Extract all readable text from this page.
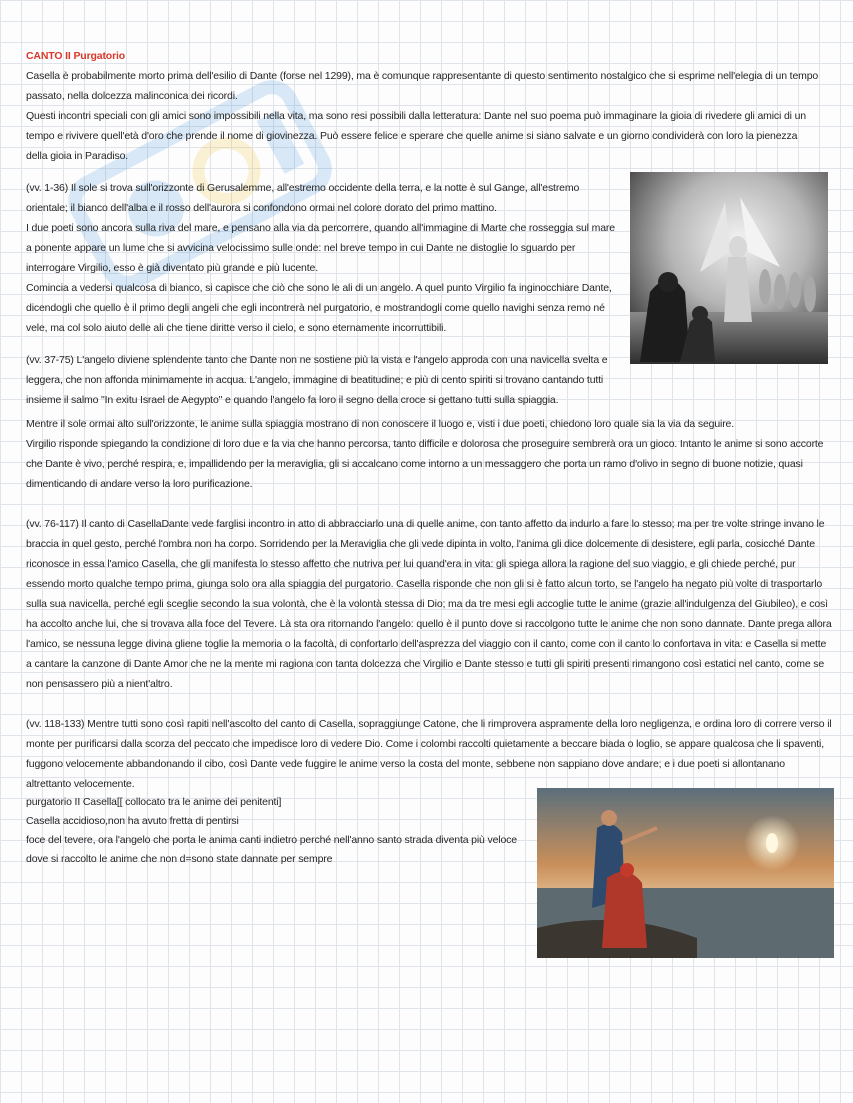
CANTO II Purgatorio

Casella è probabilmente morto prima dell'esilio di Dante (forse nel 1299), ma è comunque rappresentante di questo sentimento nostalgico che si esprime nell'elegia di un tempo passato, nella dolcezza malinconica dei ricordi.

Questi incontri speciali con gli amici sono impossibili nella vita, ma sono resi possibili dalla letteratura: Dante nel suo poema può immaginare la gioia di rivedere gli amici di un tempo e rivivere quell'età d'oro che prende il nome di giovinezza. Può essere felice e sperare che quelle anime si siano salvate e un giorno condividerà con loro la pienezza della gioia in Paradiso.

(vv. 1-36) Il sole si trova sull'orizzonte di Gerusalemme, all'estremo occidente della terra, e la notte è sul Gange, all'estremo orientale; il bianco dell'alba e il rosso dell'aurora si confondono ormai nel colore dorato del primo mattino.

I due poeti sono ancora sulla riva del mare, e pensano alla via da percorrere, quando all'immagine di Marte che rosseggia sul mare a ponente appare un lume che si avvicina velocissimo sulle onde: nel breve tempo in cui Dante ne distoglie lo sguardo per interrogare Virgilio, esso è già diventato più grande e più lucente.

Comincia a vedersi qualcosa di bianco, si capisce che ciò che sono le ali di un angelo. A quel punto Virgilio fa inginocchiare Dante, dicendogli che quello è il primo degli angeli che egli incontrerà nel purgatorio, e mostrandogli come quello navighi senza remo né vele, ma col solo aiuto delle ali che tiene diritte verso il cielo, e sono eternamente incorruttibili.

(vv. 37-75) L'angelo diviene splendente tanto che Dante non ne sostiene più la vista e l'angelo approda con una navicella svelta e leggera, che non affonda minimamente in acqua. L'angelo, immagine di beatitudine; e più di cento spiriti si trovano cantando tutti insieme il salmo "In exitu Israel de Aegypto" e quando l'angelo fa loro il segno della croce si gettano tutti sulla spiaggia.

Mentre il sole ormai alto sull'orizzonte, le anime sulla spiaggia mostrano di non conoscere il luogo e, visti i due poeti, chiedono loro quale sia la via da seguire.

Virgilio risponde spiegando la condizione di loro due e la via che hanno percorsa, tanto difficile e dolorosa che proseguire sembrerà ora un gioco. Intanto le anime si sono accorte che Dante è vivo, perché respira, e, impallidendo per la meraviglia, gli si accalcano come intorno a un messaggero che porta un ramo d'olivo in segno di buone notizie, quasi dimenticando di andare verso la loro purificazione.

(vv. 76-117) Il canto di CasellaDante vede farglisi incontro in atto di abbracciarlo una di quelle anime, con tanto affetto da indurlo a fare lo stesso; ma per tre volte stringe invano le braccia in quel gesto, perché l'ombra non ha corpo. Sorridendo per la Meraviglia che gli vede dipinta in volto, l'anima gli dice dolcemente di desistere, egli parla, cosicché Dante riconosce in essa l'amico Casella, che gli manifesta lo stesso affetto che nutriva per lui quand'era in vita: gli spiega allora la ragione del suo viaggio, e gli chiede perché, pur essendo morto qualche tempo prima, giunga solo ora alla spiaggia del purgatorio. Casella risponde che non gli si è fatto alcun torto, se l'angelo ha negato più volte di trasportarlo sulla sua navicella, perché egli sceglie secondo la sua volontà, che è la volontà stessa di Dio; ma da tre mesi egli accoglie tutte le anime (grazie all'indulgenza del Giubileo), e così ha accolto anche lui, che si trovava alla foce del Tevere. Là sta ora ritornando l'angelo: quello è il punto dove si raccolgono tutte le anime che non sono dannate. Dante prega allora l'amico, se nessuna legge divina gliene toglie la memoria o la facoltà, di confortarlo dell'asprezza del viaggio con il canto, come con il canto lo confortava in vita: e Casella si mette a cantare la canzone di Dante Amor che ne la mente mi ragiona con tanta dolcezza che Virgilio e Dante stesso e tutti gli spiriti presenti rimangono così estatici nel canto, come se non pensassero più a nient'altro.

(vv. 118-133) Mentre tutti sono così rapiti nell'ascolto del canto di Casella, sopraggiunge Catone, che li rimprovera aspramente della loro negligenza, e ordina loro di correre verso il monte per purificarsi dalla scorza del peccato che impedisce loro di vedere Dio. Come i colombi raccolti quietamente a beccare biada o loglio, se appare qualcosa che li spaventi, fuggono velocemente abbandonando il cibo, così Dante vede fuggire le anime verso la costa del monte, sebbene non sappiano dove andare; e i due poeti si allontanano altrettanto velocemente.

purgatorio II Casella[[ collocato tra le anime dei penitenti]

Casella accidioso,non ha avuto fretta di pentirsi

foce del tevere, ora l'angelo che porta le anima canti indietro perché nell'anno santo strada diventa più veloce

dove si raccolto le anime che non d=sono state dannate per sempre
